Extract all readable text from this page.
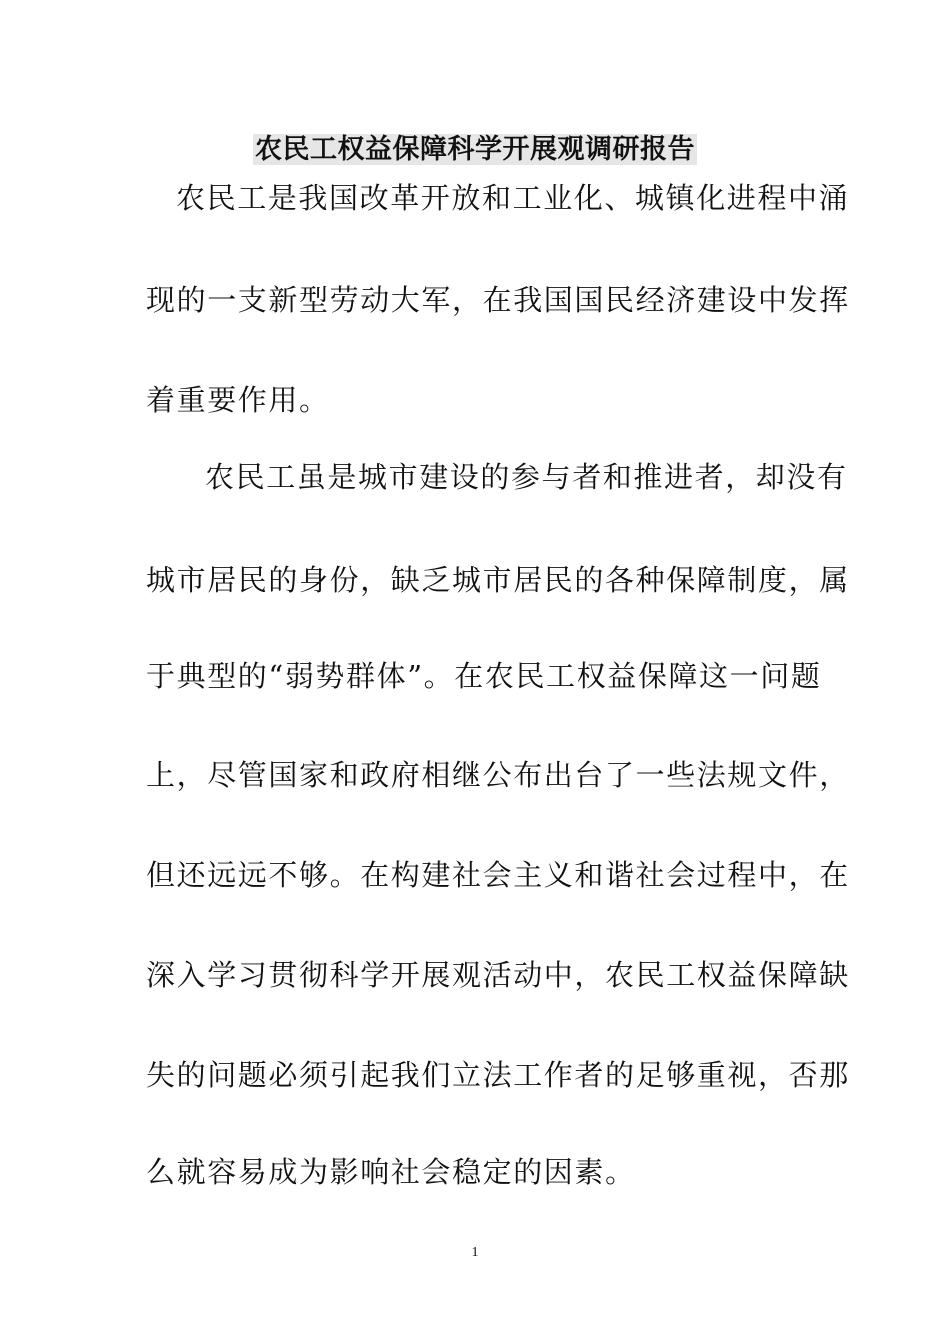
农民工权益保障科学开展观调研报告
农民工是我国改革开放和工业化、城镇化进程中涌
现的一支新型劳动大军，在我国国民经济建设中发挥
着重要作用。
农民工虽是城市建设的参与者和推进者，却没有
城市居民的身份，缺乏城市居民的各种保障制度，属
于典型的“弱势群体”。在农民工权益保障这一问题
上，尽管国家和政府相继公布出台了一些法规文件，
但还远远不够。在构建社会主义和谐社会过程中，在
深入学习贯彻科学开展观活动中，农民工权益保障缺
失的问题必须引起我们立法工作者的足够重视，否那
么就容易成为影响社会稳定的因素。
1
